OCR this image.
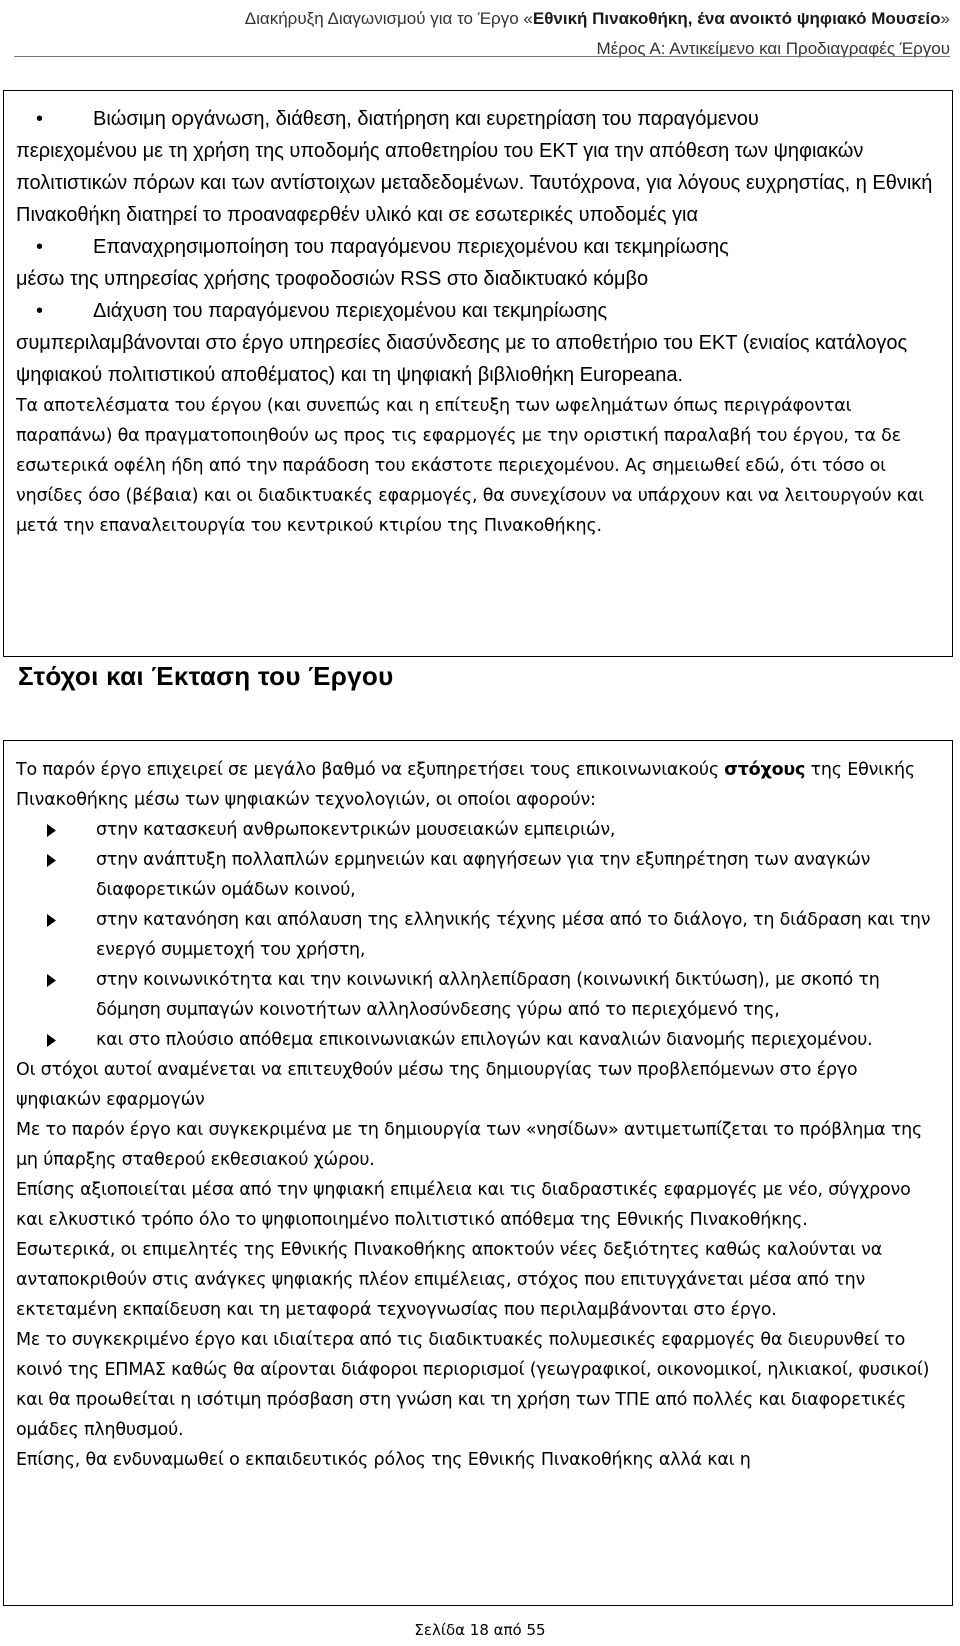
Διακήρυξη Διαγωνισμού για το Έργο «Εθνική Πινακοθήκη, ένα ανοικτό ψηφιακό Μουσείο»
Μέρος Α: Αντικείμενο και Προδιαγραφές Έργου
•	Βιώσιμη οργάνωση, διάθεση, διατήρηση και ευρετηρίαση του παραγόμενου

περιεχομένου με τη χρήση της υποδομής αποθετηρίου του ΕΚΤ για την απόθεση των ψηφιακών πολιτιστικών πόρων και των αντίστοιχων μεταδεδομένων. Ταυτόχρονα, για λόγους ευχρηστίας, η Εθνική Πινακοθήκη διατηρεί το προαναφερθέν υλικό και σε εσωτερικές υποδομές για

•	Επαναχρησιμοποίηση του παραγόμενου περιεχομένου και τεκμηρίωσης

μέσω της υπηρεσίας χρήσης τροφοδοσιών RSS στο διαδικτυακό κόμβο

•	Διάχυση του παραγόμενου περιεχομένου και τεκμηρίωσης

συμπεριλαμβάνονται στο έργο υπηρεσίες διασύνδεσης με το αποθετήριο του ΕΚΤ (ενιαίος κατάλογος ψηφιακού πολιτιστικού αποθέματος) και τη ψηφιακή βιβλιοθήκη Europeana.

Τα αποτελέσματα του έργου (και συνεπώς και η επίτευξη των ωφελημάτων όπως περιγράφονται παραπάνω) θα πραγματοποιηθούν ως προς τις εφαρμογές με την οριστική παραλαβή του έργου, τα δε εσωτερικά οφέλη ήδη από την παράδοση του εκάστοτε περιεχομένου. Ας σημειωθεί εδώ, ότι τόσο οι νησίδες όσο (βέβαια) και οι διαδικτυακές εφαρμογές, θα συνεχίσουν να υπάρχουν και να λειτουργούν και μετά την επαναλειτουργία του κεντρικού κτιρίου της Πινακοθήκης.

Στόχοι και Έκταση του Έργου

Το παρόν έργο επιχειρεί σε μεγάλο βαθμό να εξυπηρετήσει τους επικοινωνιακούς στόχους της Εθνικής Πινακοθήκης μέσω των ψηφιακών τεχνολογιών, οι οποίοι αφορούν:

στην κατασκευή ανθρωποκεντρικών μουσειακών εμπειριών,
στην ανάπτυξη πολλαπλών ερμηνειών και αφηγήσεων για την εξυπηρέτηση των αναγκών διαφορετικών ομάδων κοινού,
στην κατανόηση και απόλαυση της ελληνικής τέχνης μέσα από το διάλογο, τη διάδραση και την ενεργό συμμετοχή του χρήστη,
στην κοινωνικότητα και την κοινωνική αλληλεπίδραση (κοινωνική δικτύωση), με σκοπό τη δόμηση συμπαγών κοινοτήτων αλληλοσύνδεσης γύρω από το περιεχόμενό της,
και στο πλούσιο απόθεμα επικοινωνιακών επιλογών και καναλιών διανομής περιεχομένου.

Οι στόχοι αυτοί αναμένεται να επιτευχθούν μέσω της δημιουργίας των προβλεπόμενων στο έργο ψηφιακών εφαρμογών

Με το παρόν έργο και συγκεκριμένα με τη δημιουργία των «νησίδων» αντιμετωπίζεται το πρόβλημα της μη ύπαρξης σταθερού εκθεσιακού χώρου.

Επίσης αξιοποιείται μέσα από την ψηφιακή επιμέλεια και τις διαδραστικές εφαρμογές με νέο, σύγχρονο και ελκυστικό τρόπο όλο το ψηφιοποιημένο πολιτιστικό απόθεμα της Εθνικής Πινακοθήκης.

Εσωτερικά, οι επιμελητές της Εθνικής Πινακοθήκης αποκτούν νέες δεξιότητες καθώς καλούνται να ανταποκριθούν στις ανάγκες ψηφιακής πλέον επιμέλειας, στόχος που επιτυγχάνεται μέσα από την εκτεταμένη εκπαίδευση και τη μεταφορά τεχνογνωσίας που περιλαμβάνονται στο έργο.

Με το συγκεκριμένο έργο και ιδιαίτερα από τις διαδικτυακές πολυμεσικές εφαρμογές θα διευρυνθεί το κοινό της ΕΠΜΑΣ καθώς θα αίρονται διάφοροι περιορισμοί (γεωγραφικοί, οικονομικοί, ηλικιακοί, φυσικοί) και θα προωθείται η ισότιμη πρόσβαση στη γνώση και τη χρήση των ΤΠΕ από πολλές και διαφορετικές ομάδες πληθυσμού.

Επίσης, θα ενδυναμωθεί ο εκπαιδευτικός ρόλος της Εθνικής Πινακοθήκης αλλά και η

Σελίδα 18 από 55
